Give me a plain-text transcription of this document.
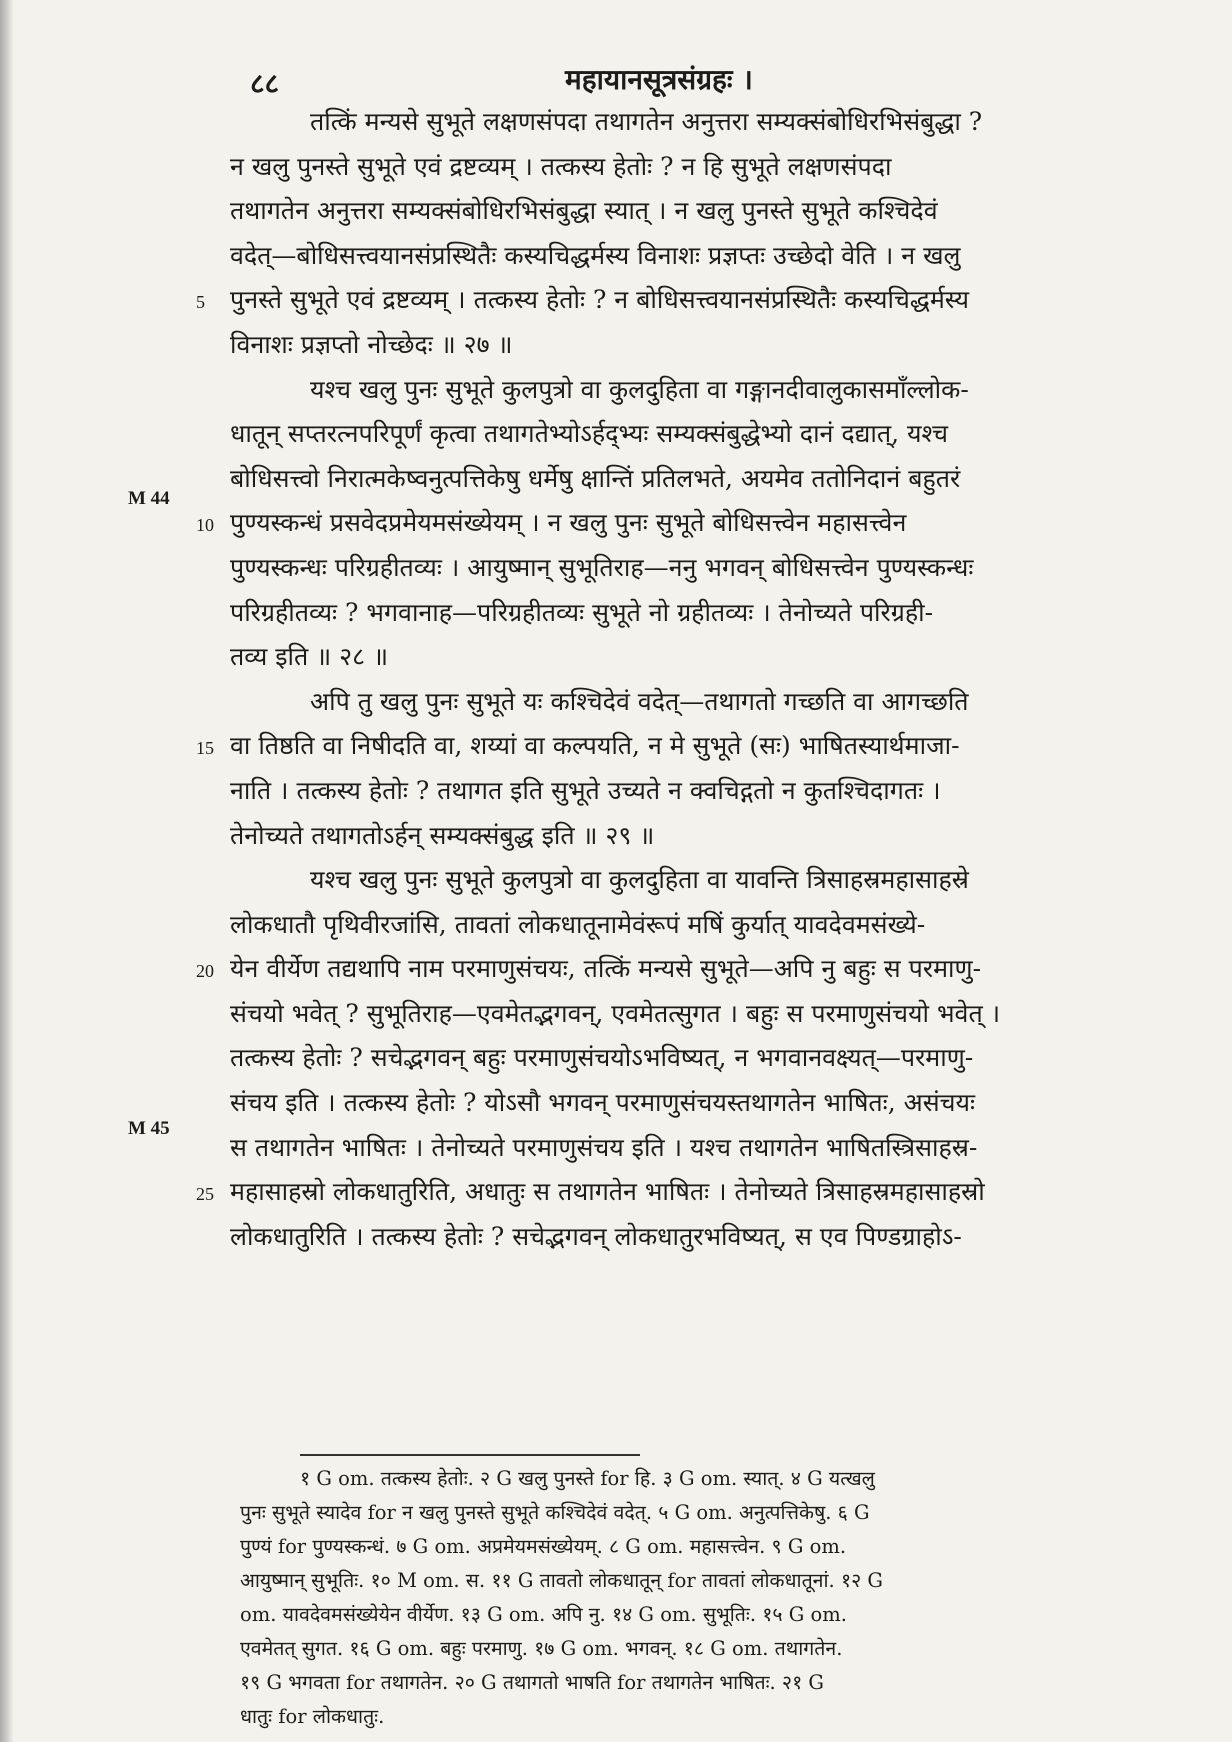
८८	महायानसूत्रसंग्रहः ।
M 44
M 45
तत्किं मन्यसे सुभूते लक्षणसंपदा तथागतेन अनुत्तरा सम्यक्संबोधिरभिसंबुद्धा ?
न खलु पुनस्ते सुभूते एवं द्रष्टव्यम् । तत्कस्य हेतोः ? न हि सुभूते लक्षणसंपदा
तथागतेन अनुत्तरा सम्यक्संबोधिरभिसंबुद्धा स्यात् । न खलु पुनस्ते सुभूते कश्चिदेवं
वदेत्—बोधिसत्त्वयानसंप्रस्थितैः कस्यचिद्धर्मस्य विनाशः प्रज्ञप्तः उच्छेदो वेति । न खलु
5 पुनस्ते सुभूते एवं द्रष्टव्यम् । तत्कस्य हेतोः ? न बोधिसत्त्वयानसंप्रस्थितैः कस्यचिद्धर्मस्य
विनाशः प्रज्ञप्तो नोच्छेदः ॥ २७ ॥
यश्च खलु पुनः सुभूते कुलपुत्रो वा कुलदुहिता वा गङ्गानदीवालुकासमाँल्लोक-
धातून् सप्तरत्नपरिपूर्णं कृत्वा तथागतेभ्योऽर्हद्भ्यः सम्यक्संबुद्धेभ्यो दानं दद्यात्, यश्च
बोधिसत्त्वो निरात्मकेष्वनुत्पत्तिकेषु धर्मेषु क्षान्तिं प्रतिलभते, अयमेव ततोनिदानं बहुतरं
10 पुण्यस्कन्धं प्रसवेदप्रमेयमसंख्येयम् । न खलु पुनः सुभूते बोधिसत्त्वेन महासत्त्वेन
पुण्यस्कन्धः परिग्रहीतव्यः । आयुष्मान् सुभूतिराह—ननु भगवन् बोधिसत्त्वेन पुण्यस्कन्धः
परिग्रहीतव्यः ? भगवानाह—परिग्रहीतव्यः सुभूते नो ग्रहीतव्यः । तेनोच्यते परिग्रही-
तव्य इति ॥ २८ ॥
अपि तु खलु पुनः सुभूते यः कश्चिदेवं वदेत्—तथागतो गच्छति वा आगच्छति
15 वा तिष्ठति वा निषीदति वा, शय्यां वा कल्पयति, न मे सुभूते (सः) भाषितस्यार्थमाजा-
नाति । तत्कस्य हेतोः ? तथागत इति सुभूते उच्यते न क्वचिद्गतो न कुतश्चिदागतः ।
तेनोच्यते तथागतोऽर्हन् सम्यक्संबुद्ध इति ॥ २९ ॥
यश्च खलु पुनः सुभूते कुलपुत्रो वा कुलदुहिता वा यावन्ति त्रिसाहस्रमहासाहस्रे
लोकधातौ पृथिवीरजांसि, तावतां लोकधातूनामेवंरूपं मषिं कुर्यात् यावदेवमसंख्ये-
20 येन वीर्येण तद्यथापि नाम परमाणुसंचयः, तत्किं मन्यसे सुभूते—अपि नु बहुः स परमाणु-
संचयो भवेत् ? सुभूतिराह—एवमेतद्भगवन्, एवमेतत्सुगत । बहुः स परमाणुसंचयो भवेत् ।
तत्कस्य हेतोः ? सचेद्भगवन् बहुः परमाणुसंचयोऽभविष्यत्, न भगवानवक्ष्यत्—परमाणु-
संचय इति । तत्कस्य हेतोः ? योऽसौ भगवन् परमाणुसंचयस्तथागतेन भाषितः, असंचयः
स तथागतेन भाषितः । तेनोच्यते परमाणुसंचय इति । यश्च तथागतेन भाषितस्त्रिसाहस्र-
25 महासाहस्रो लोकधातुरिति, अधातुः स तथागतेन भाषितः । तेनोच्यते त्रिसाहस्रमहासाहस्रो
लोकधातुरिति । तत्कस्य हेतोः ? सचेद्भगवन् लोकधातुरभविष्यत्, स एव पिण्डग्राहोऽ-
१ G om. तत्कस्य हेतोः. २ G खलु पुनस्ते for हि. ३ G om. स्यात्. ४ G यत्खलु
पुनः सुभूते स्यादेव for न खलु पुनस्ते सुभूते कश्चिदेवं वदेत्. ५ G om. अनुत्पत्तिकेषु. ६ G
पुण्यं for पुण्यस्कन्धं. ७ G om. अप्रमेयमसंख्येयम्. ८ G om. महासत्त्वेन. ९ G om.
आयुष्मान् सुभूतिः. १० M om. स. ११ G तावतो लोकधातून् for तावतां लोकधातूनां. १२ G
om. यावदेवमसंख्येयेन वीर्येण. १३ G om. अपि नु. १४ G om. सुभूतिः. १५ G om.
एवमेतत् सुगत. १६ G om. बहुः परमाणु. १७ G om. भगवन्. १८ G om. तथागतेन.
१९ G भगवता for तथागतेन. २० G तथागतो भाषति for तथागतेन भाषितः. २१ G
धातुः for लोकधातुः.
